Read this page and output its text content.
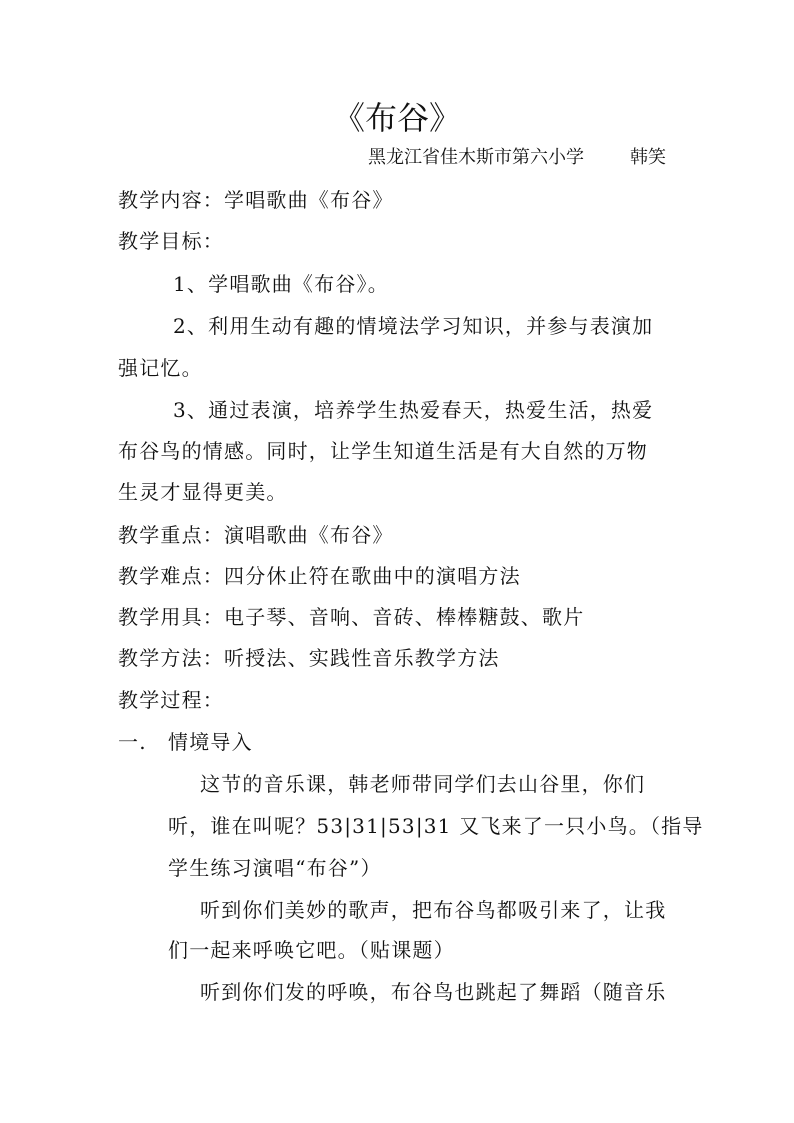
《布谷》
黑龙江省佳木斯市第六小学	韩笑
教学内容：学唱歌曲《布谷》
教学目标：
1、学唱歌曲《布谷》。
2、利用生动有趣的情境法学习知识，并参与表演加
强记忆。
3、通过表演，培养学生热爱春天，热爱生活，热爱
布谷鸟的情感。同时，让学生知道生活是有大自然的万物
生灵才显得更美。
教学重点：演唱歌曲《布谷》
教学难点：四分休止符在歌曲中的演唱方法
教学用具：电子琴、音响、音砖、棒棒糖鼓、歌片
教学方法：听授法、实践性音乐教学方法
教学过程：
一. 情境导入
这节的音乐课，韩老师带同学们去山谷里，你们
听，谁在叫呢？53|31|53|31 又飞来了一只小鸟。（指导
学生练习演唱“布谷”）
听到你们美妙的歌声，把布谷鸟都吸引来了，让我
们一起来呼唤它吧。（贴课题）
听到你们发的呼唤，布谷鸟也跳起了舞蹈（随音乐
